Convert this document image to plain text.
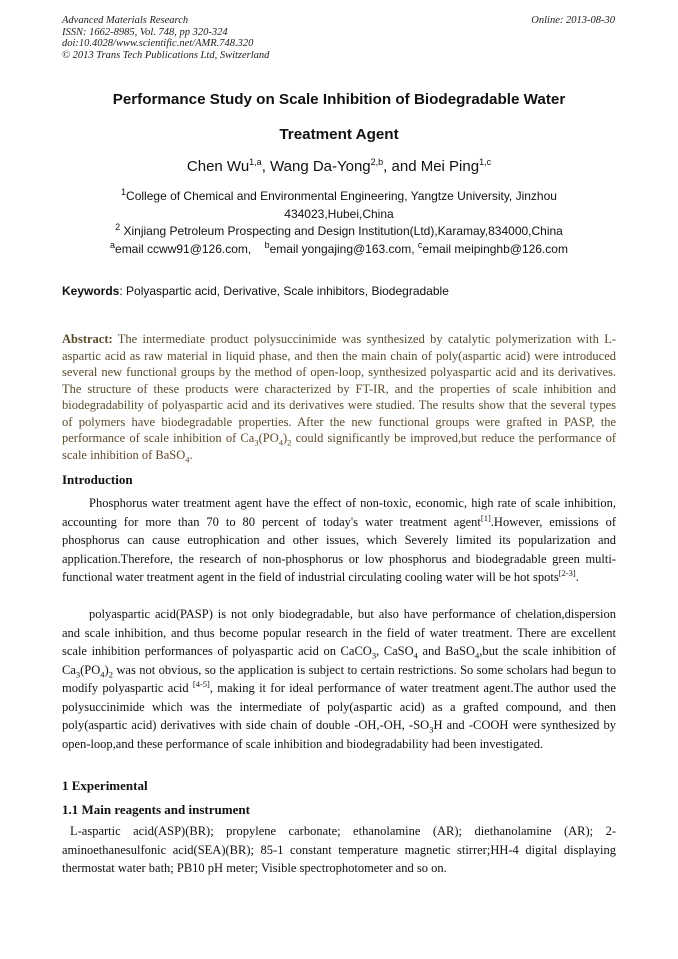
Advanced Materials Research
ISSN: 1662-8985, Vol. 748, pp 320-324
doi:10.4028/www.scientific.net/AMR.748.320
© 2013 Trans Tech Publications Ltd, Switzerland
Online: 2013-08-30
Performance Study on Scale Inhibition of Biodegradable Water
Treatment Agent
Chen Wu$^{1,a}$, Wang Da-Yong$^{2,b}$, and Mei Ping$^{1,c}$
$^1$College of Chemical and Environmental Engineering, Yangtze University, Jinzhou
434023,Hubei,China
$^2$ Xinjiang Petroleum Prospecting and Design Institution(Ltd),Karamay,834000,China
$^a$email ccww91@126.com, $^b$email yongajing@163.com, $^c$email meipinghb@126.com
Keywords: Polyaspartic acid, Derivative, Scale inhibitors, Biodegradable
Abstract: The intermediate product polysuccinimide was synthesized by catalytic polymerization with L-aspartic acid as raw material in liquid phase, and then the main chain of poly(aspartic acid) were introduced several new functional groups by the method of open-loop, synthesized polyaspartic acid and its derivatives. The structure of these products were characterized by FT-IR, and the properties of scale inhibition and biodegradability of polyaspartic acid and its derivatives were studied. The results show that the several types of polymers have biodegradable properties. After the new functional groups were grafted in PASP, the performance of scale inhibition of $Ca_3(PO_4)_2$ could significantly be improved,but reduce the performance of scale inhibition of BaSO$_4$.
Introduction
Phosphorus water treatment agent have the effect of non-toxic, economic, high rate of scale inhibition, accounting for more than 70 to 80 percent of today's water treatment agent[1].However, emissions of phosphorus can cause eutrophication and other issues, which Severely limited its popularization and application.Therefore, the research of non-phosphorus or low phosphorus and biodegradable green multi-functional water treatment agent in the field of industrial circulating cooling water will be hot spots[2-3].
polyaspartic acid(PASP) is not only biodegradable, but also have performance of chelation,dispersion and scale inhibition, and thus become popular research in the field of water treatment. There are excellent scale inhibition performances of polyaspartic acid on CaCO$_3$, CaSO$_4$ and BaSO$_4$,but the scale inhibition of $Ca_3(PO_4)_2$ was not obvious, so the application is subject to certain restrictions. So some scholars had begun to modify polyaspartic acid [4-5], making it for ideal performance of water treatment agent.The author used the polysuccinimide which was the intermediate of poly(aspartic acid) as a grafted compound, and then poly(aspartic acid) derivatives with side chain of double -OH,-OH, $-SO_3H$ and -COOH were synthesized by open-loop,and these performance of scale inhibition and biodegradability had been investigated.
1 Experimental
1.1 Main reagents and instrument
L-aspartic acid(ASP)(BR); propylene carbonate; ethanolamine (AR); diethanolamine (AR); 2-aminoethanesulfonic acid(SEA)(BR); 85-1 constant temperature magnetic stirrer;HH-4 digital displaying thermostat water bath; PB10 pH meter; Visible spectrophotometer and so on.
